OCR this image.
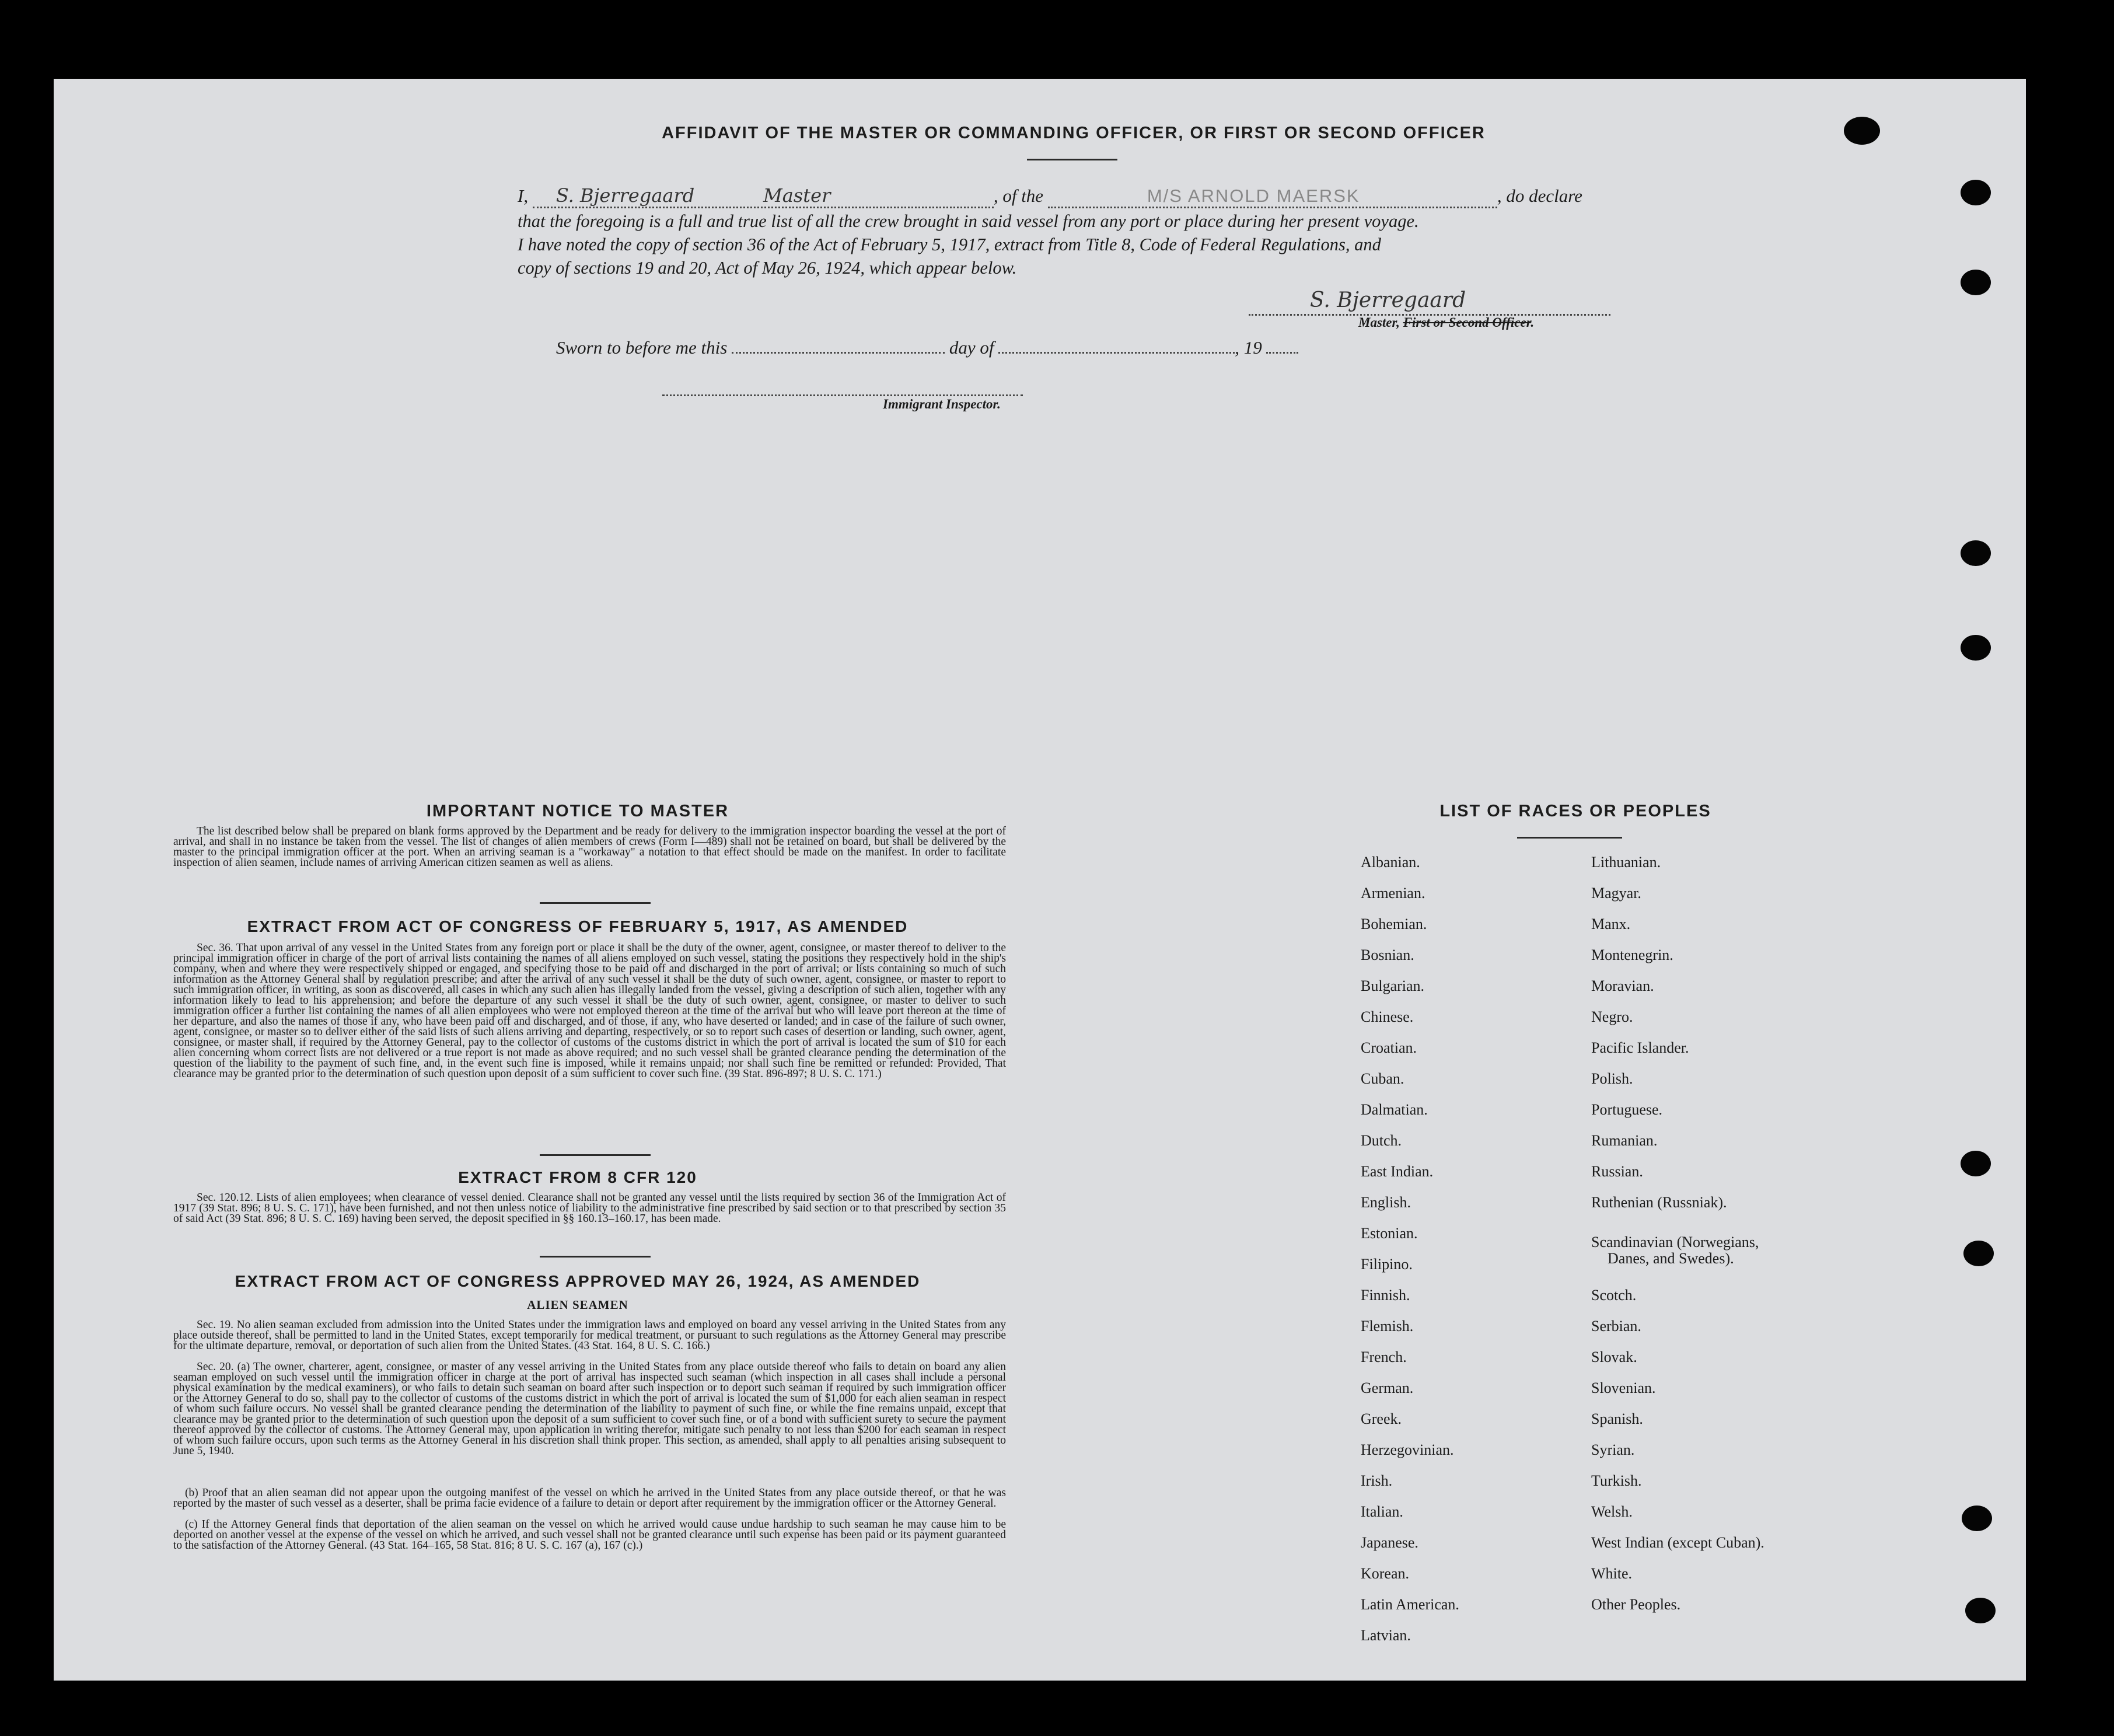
AFFIDAVIT OF THE MASTER OR COMMANDING OFFICER, OR FIRST OR SECOND OFFICER
I, S. Bjerregaard	Master	, of the	M/S ARNOLD MAERSK	, do declare
that the foregoing is a full and true list of all the crew brought in said vessel from any port or place during her present voyage.
I have noted the copy of section 36 of the Act of February 5, 1917, extract from Title 8, Code of Federal Regulations, and
copy of sections 19 and 20, Act of May 26, 1924, which appear below.
S. Bjerregaard
Master, First or Second Officer.
Sworn to before me this	day of	, 19
Immigrant Inspector.
IMPORTANT NOTICE TO MASTER
The list described below shall be prepared on blank forms approved by the Department and be ready for delivery to the immigration inspector boarding the vessel at the port of arrival, and shall in no instance be taken from the vessel. The list of changes of alien members of crews (Form I—489) shall not be retained on board, but shall be delivered by the master to the principal immigration officer at the port. When an arriving seaman is a "workaway" a notation to that effect should be made on the manifest. In order to facilitate inspection of alien seamen, include names of arriving American citizen seamen as well as aliens.
EXTRACT FROM ACT OF CONGRESS OF FEBRUARY 5, 1917, AS AMENDED
Sec. 36. That upon arrival of any vessel in the United States from any foreign port or place it shall be the duty of the owner, agent, consignee, or master thereof to deliver to the principal immigration officer in charge of the port of arrival lists containing the names of all aliens employed on such vessel, stating the positions they respectively hold in the ship's company, when and where they were respectively shipped or engaged, and specifying those to be paid off and discharged in the port of arrival; or lists containing so much of such information as the Attorney General shall by regulation prescribe; and after the arrival of any such vessel it shall be the duty of such owner, agent, consignee, or master to report to such immigration officer, in writing, as soon as discovered, all cases in which any such alien has illegally landed from the vessel, giving a description of such alien, together with any information likely to lead to his apprehension; and before the departure of any such vessel it shall be the duty of such owner, agent, consignee, or master to deliver to such immigration officer a further list containing the names of all alien employees who were not employed thereon at the time of the arrival but who will leave port thereon at the time of her departure, and also the names of those if any, who have been paid off and discharged, and of those, if any, who have deserted or landed; and in case of the failure of such owner, agent, consignee, or master so to deliver either of the said lists of such aliens arriving and departing, respectively, or so to report such cases of desertion or landing, such owner, agent, consignee, or master shall, if required by the Attorney General, pay to the collector of customs of the customs district in which the port of arrival is located the sum of $10 for each alien concerning whom correct lists are not delivered or a true report is not made as above required; and no such vessel shall be granted clearance pending the determination of the question of the liability to the payment of such fine, and, in the event such fine is imposed, while it remains unpaid; nor shall such fine be remitted or refunded: Provided, That clearance may be granted prior to the determination of such question upon deposit of a sum sufficient to cover such fine. (39 Stat. 896-897; 8 U. S. C. 171.)
EXTRACT FROM 8 CFR 120
Sec. 120.12. Lists of alien employees; when clearance of vessel denied. Clearance shall not be granted any vessel until the lists required by section 36 of the Immigration Act of 1917 (39 Stat. 896; 8 U. S. C. 171), have been furnished, and not then unless notice of liability to the administrative fine prescribed by said section or to that prescribed by section 35 of said Act (39 Stat. 896; 8 U. S. C. 169) having been served, the deposit specified in §§ 160.13–160.17, has been made.
EXTRACT FROM ACT OF CONGRESS APPROVED MAY 26, 1924, AS AMENDED
ALIEN SEAMEN
Sec. 19. No alien seaman excluded from admission into the United States under the immigration laws and employed on board any vessel arriving in the United States from any place outside thereof, shall be permitted to land in the United States, except temporarily for medical treatment, or pursuant to such regulations as the Attorney General may prescribe for the ultimate departure, removal, or deportation of such alien from the United States. (43 Stat. 164, 8 U. S. C. 166.)
Sec. 20. (a) The owner, charterer, agent, consignee, or master of any vessel arriving in the United States from any place outside thereof who fails to detain on board any alien seaman employed on such vessel until the immigration officer in charge at the port of arrival has inspected such seaman (which inspection in all cases shall include a personal physical examination by the medical examiners), or who fails to detain such seaman on board after such inspection or to deport such seaman if required by such immigration officer or the Attorney General to do so, shall pay to the collector of customs of the customs district in which the port of arrival is located the sum of $1,000 for each alien seaman in respect of whom such failure occurs. No vessel shall be granted clearance pending the determination of the liability to payment of such fine, or while the fine remains unpaid, except that clearance may be granted prior to the determination of such question upon the deposit of a sum sufficient to cover such fine, or of a bond with sufficient surety to secure the payment thereof approved by the collector of customs. The Attorney General may, upon application in writing therefor, mitigate such penalty to not less than $200 for each seaman in respect of whom such failure occurs, upon such terms as the Attorney General in his discretion shall think proper. This section, as amended, shall apply to all penalties arising subsequent to June 5, 1940.
(b) Proof that an alien seaman did not appear upon the outgoing manifest of the vessel on which he arrived in the United States from any place outside thereof, or that he was reported by the master of such vessel as a deserter, shall be prima facie evidence of a failure to detain or deport after requirement by the immigration officer or the Attorney General.
(c) If the Attorney General finds that deportation of the alien seaman on the vessel on which he arrived would cause undue hardship to such seaman he may cause him to be deported on another vessel at the expense of the vessel on which he arrived, and such vessel shall not be granted clearance until such expense has been paid or its payment guaranteed to the satisfaction of the Attorney General. (43 Stat. 164–165, 58 Stat. 816; 8 U. S. C. 167 (a), 167 (c).)
LIST OF RACES OR PEOPLES
Albanian.
Armenian.
Bohemian.
Bosnian.
Bulgarian.
Chinese.
Croatian.
Cuban.
Dalmatian.
Dutch.
East Indian.
English.
Estonian.
Filipino.
Finnish.
Flemish.
French.
German.
Greek.
Herzegovinian.
Irish.
Italian.
Japanese.
Korean.
Latin American.
Latvian.
Lithuanian.
Magyar.
Manx.
Montenegrin.
Moravian.
Negro.
Pacific Islander.
Polish.
Portuguese.
Rumanian.
Russian.
Ruthenian (Russniak).
Scandinavian (Norwegians,
Danes, and Swedes).
Scotch.
Serbian.
Slovak.
Slovenian.
Spanish.
Syrian.
Turkish.
Welsh.
West Indian (except Cuban).
White.
Other Peoples.
